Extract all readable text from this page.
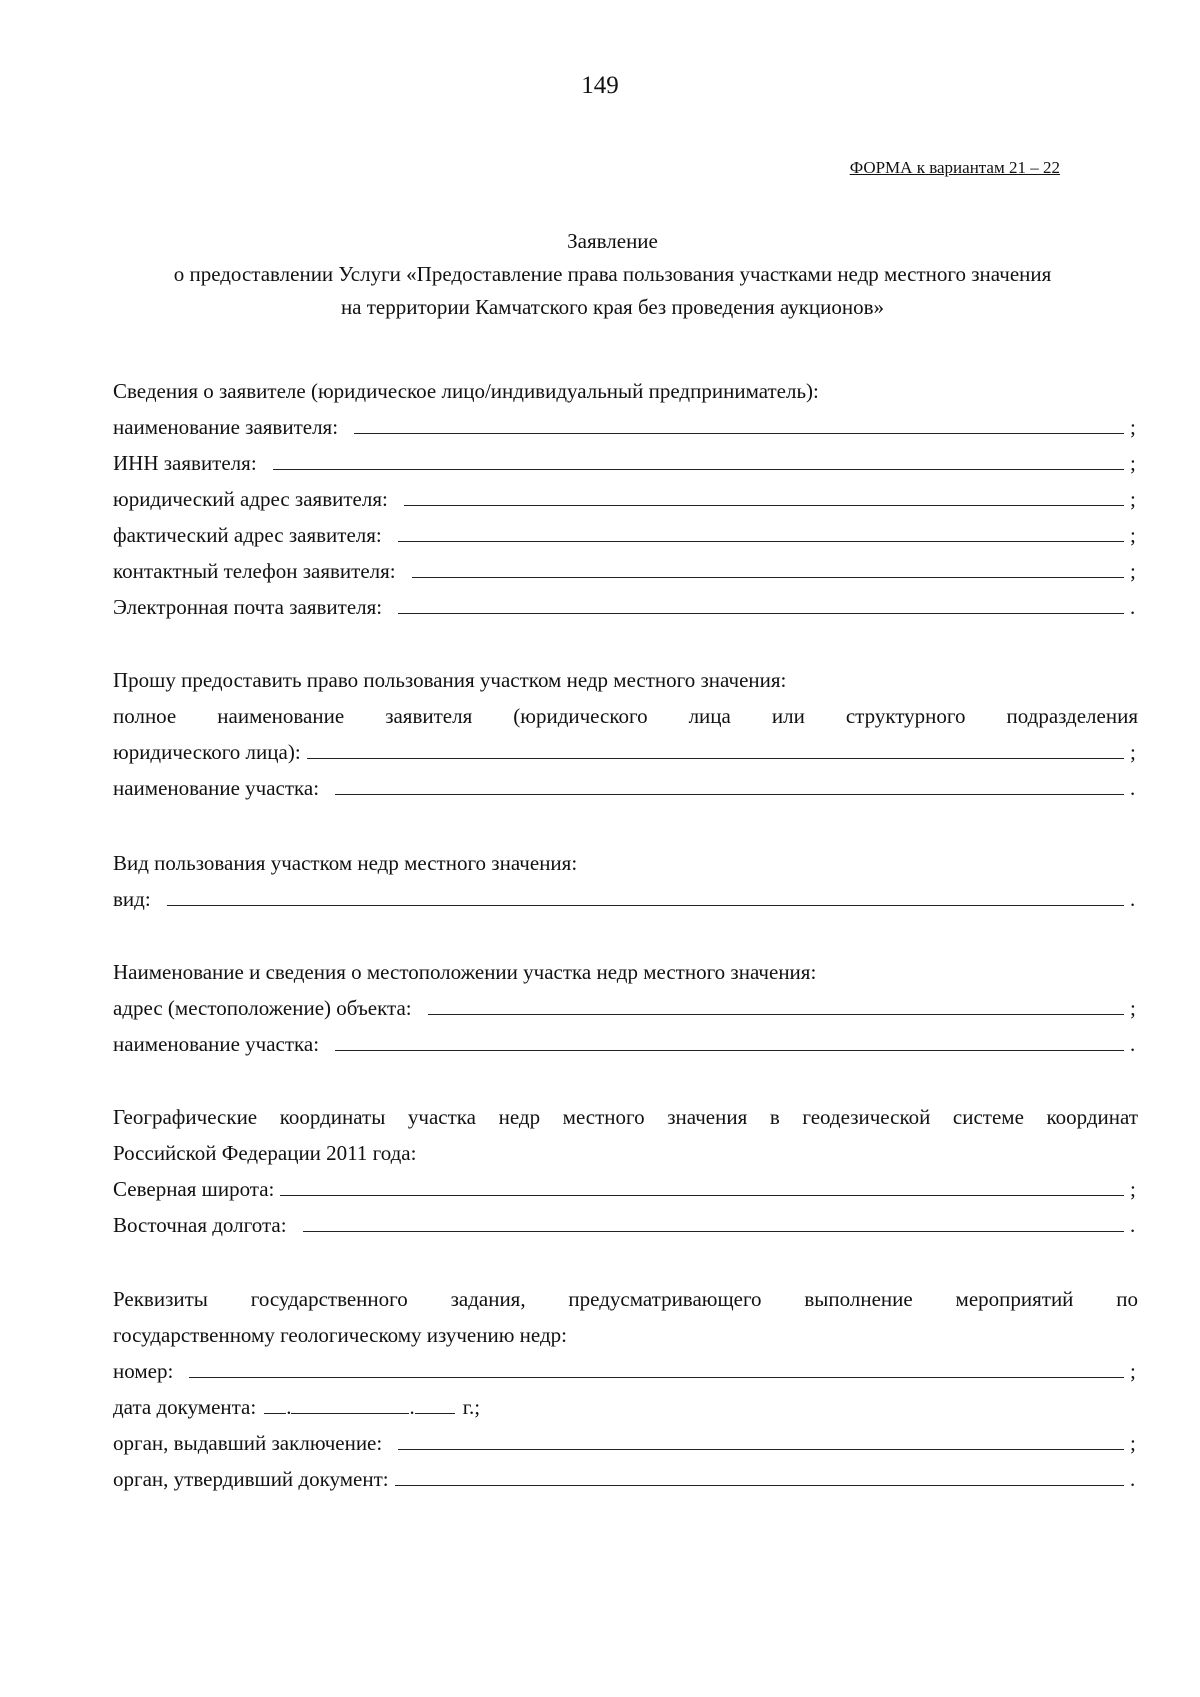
149
ФОРМА к вариантам 21 – 22
Заявление
о предоставлении Услуги «Предоставление права пользования участками недр местного значения
на территории Камчатского края без проведения аукционов»
Сведения о заявителе (юридическое лицо/индивидуальный предприниматель):
наименование заявителя:	;
ИНН заявителя:	;
юридический адрес заявителя:	;
фактический адрес заявителя:	;
контактный телефон заявителя:	;
Электронная почта заявителя:	.
Прошу предоставить право пользования участком недр местного значения:
полное наименование заявителя (юридического лица или структурного подразделения
юридического лица):	;
наименование участка:	.
Вид пользования участком недр местного значения:
вид:	.
Наименование и сведения о местоположении участка недр местного значения:
адрес (местоположение) объекта:	;
наименование участка:	.
Географические координаты участка недр местного значения в геодезической системе координат
Российской Федерации 2011 года:
Северная широта:	;
Восточная долгота:	.
Реквизиты государственного задания, предусматривающего выполнение мероприятий по
государственному геологическому изучению недр:
номер:	;
дата документа: .	. г.;
орган, выдавший заключение:	;
орган, утвердивший документ:	.
